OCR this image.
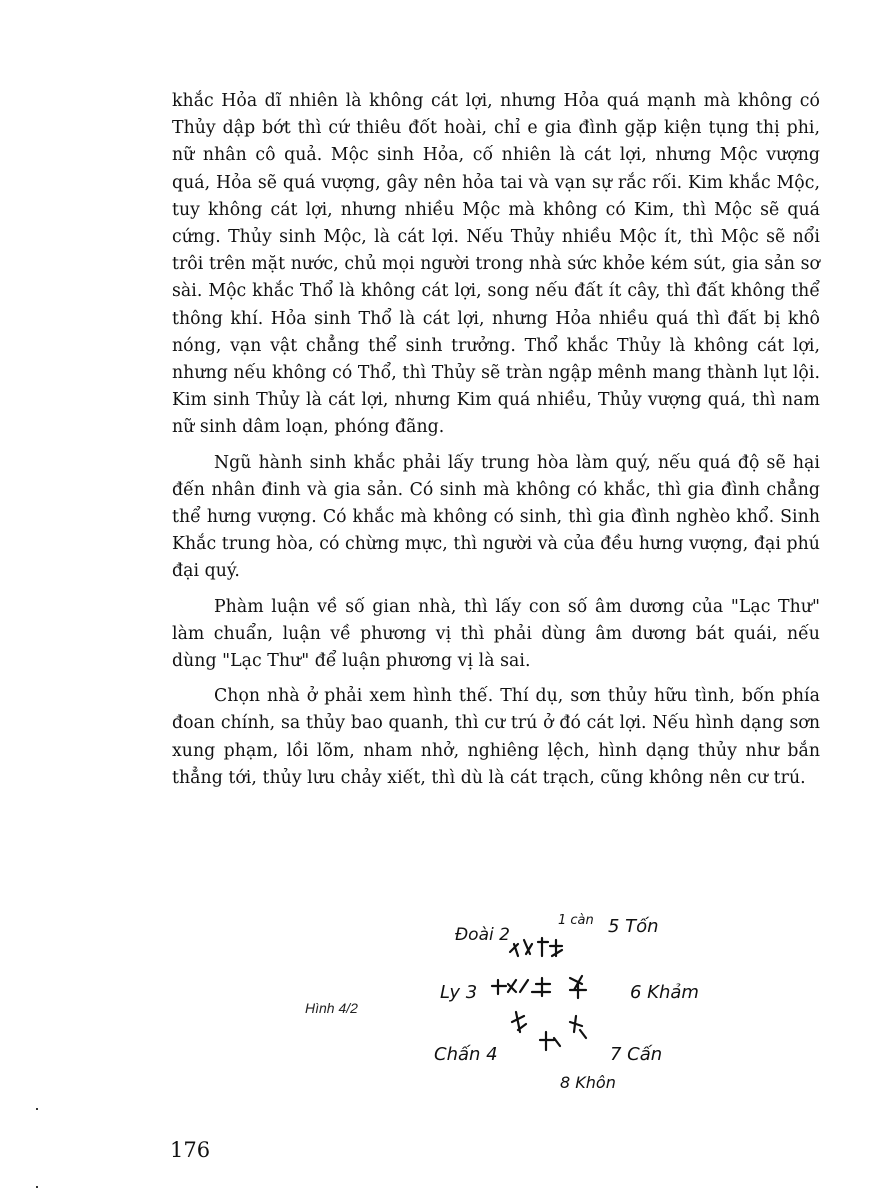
khắc Hỏa dĩ nhiên là không cát lợi, nhưng Hỏa quá mạnh mà không có Thủy dập bớt thì cứ thiêu đốt hoài, chỉ e gia đình gặp kiện tụng thị phi, nữ nhân cô quả. Mộc sinh Hỏa, cố nhiên là cát lợi, nhưng Mộc vượng quá, Hỏa sẽ quá vượng, gây nên hỏa tai và vạn sự rắc rối. Kim khắc Mộc, tuy không cát lợi, nhưng nhiều Mộc mà không có Kim, thì Mộc sẽ quá cứng. Thủy sinh Mộc, là cát lợi. Nếu Thủy nhiều Mộc ít, thì Mộc sẽ nổi trôi trên mặt nước, chủ mọi người trong nhà sức khỏe kém sút, gia sản sơ sài. Mộc khắc Thổ là không cát lợi, song nếu đất ít cây, thì đất không thể thông khí. Hỏa sinh Thổ là cát lợi, nhưng Hỏa nhiều quá thì đất bị khô nóng, vạn vật chẳng thể sinh trưởng. Thổ khắc Thủy là không cát lợi, nhưng nếu không có Thổ, thì Thủy sẽ tràn ngập mênh mang thành lụt lội. Kim sinh Thủy là cát lợi, nhưng Kim quá nhiều, Thủy vượng quá, thì nam nữ sinh dâm loạn, phóng đãng.

Ngũ hành sinh khắc phải lấy trung hòa làm quý, nếu quá độ sẽ hại đến nhân đinh và gia sản. Có sinh mà không có khắc, thì gia đình chẳng thể hưng vượng. Có khắc mà không có sinh, thì gia đình nghèo khổ. Sinh Khắc trung hòa, có chừng mực, thì người và của đều hưng vượng, đại phú đại quý.

Phàm luận về số gian nhà, thì lấy con số âm dương của "Lạc Thư" làm chuẩn, luận về phương vị thì phải dùng âm dương bát quái, nếu dùng "Lạc Thư" để luận phương vị là sai.

Chọn nhà ở phải xem hình thế. Thí dụ, sơn thủy hữu tình, bốn phía đoan chính, sa thủy bao quanh, thì cư trú ở đó cát lợi. Nếu hình dạng sơn xung phạm, lồi lõm, nham nhở, nghiêng lệch, hình dạng thủy như bắn thẳng tới, thủy lưu chảy xiết, thì dù là cát trạch, cũng không nên cư trú.

Hình 4/2
Đoài 2
1 càn 5 Tốn
Ly 3	6 Khảm
Chấn 4	7 Cấn
8 Khôn
176
